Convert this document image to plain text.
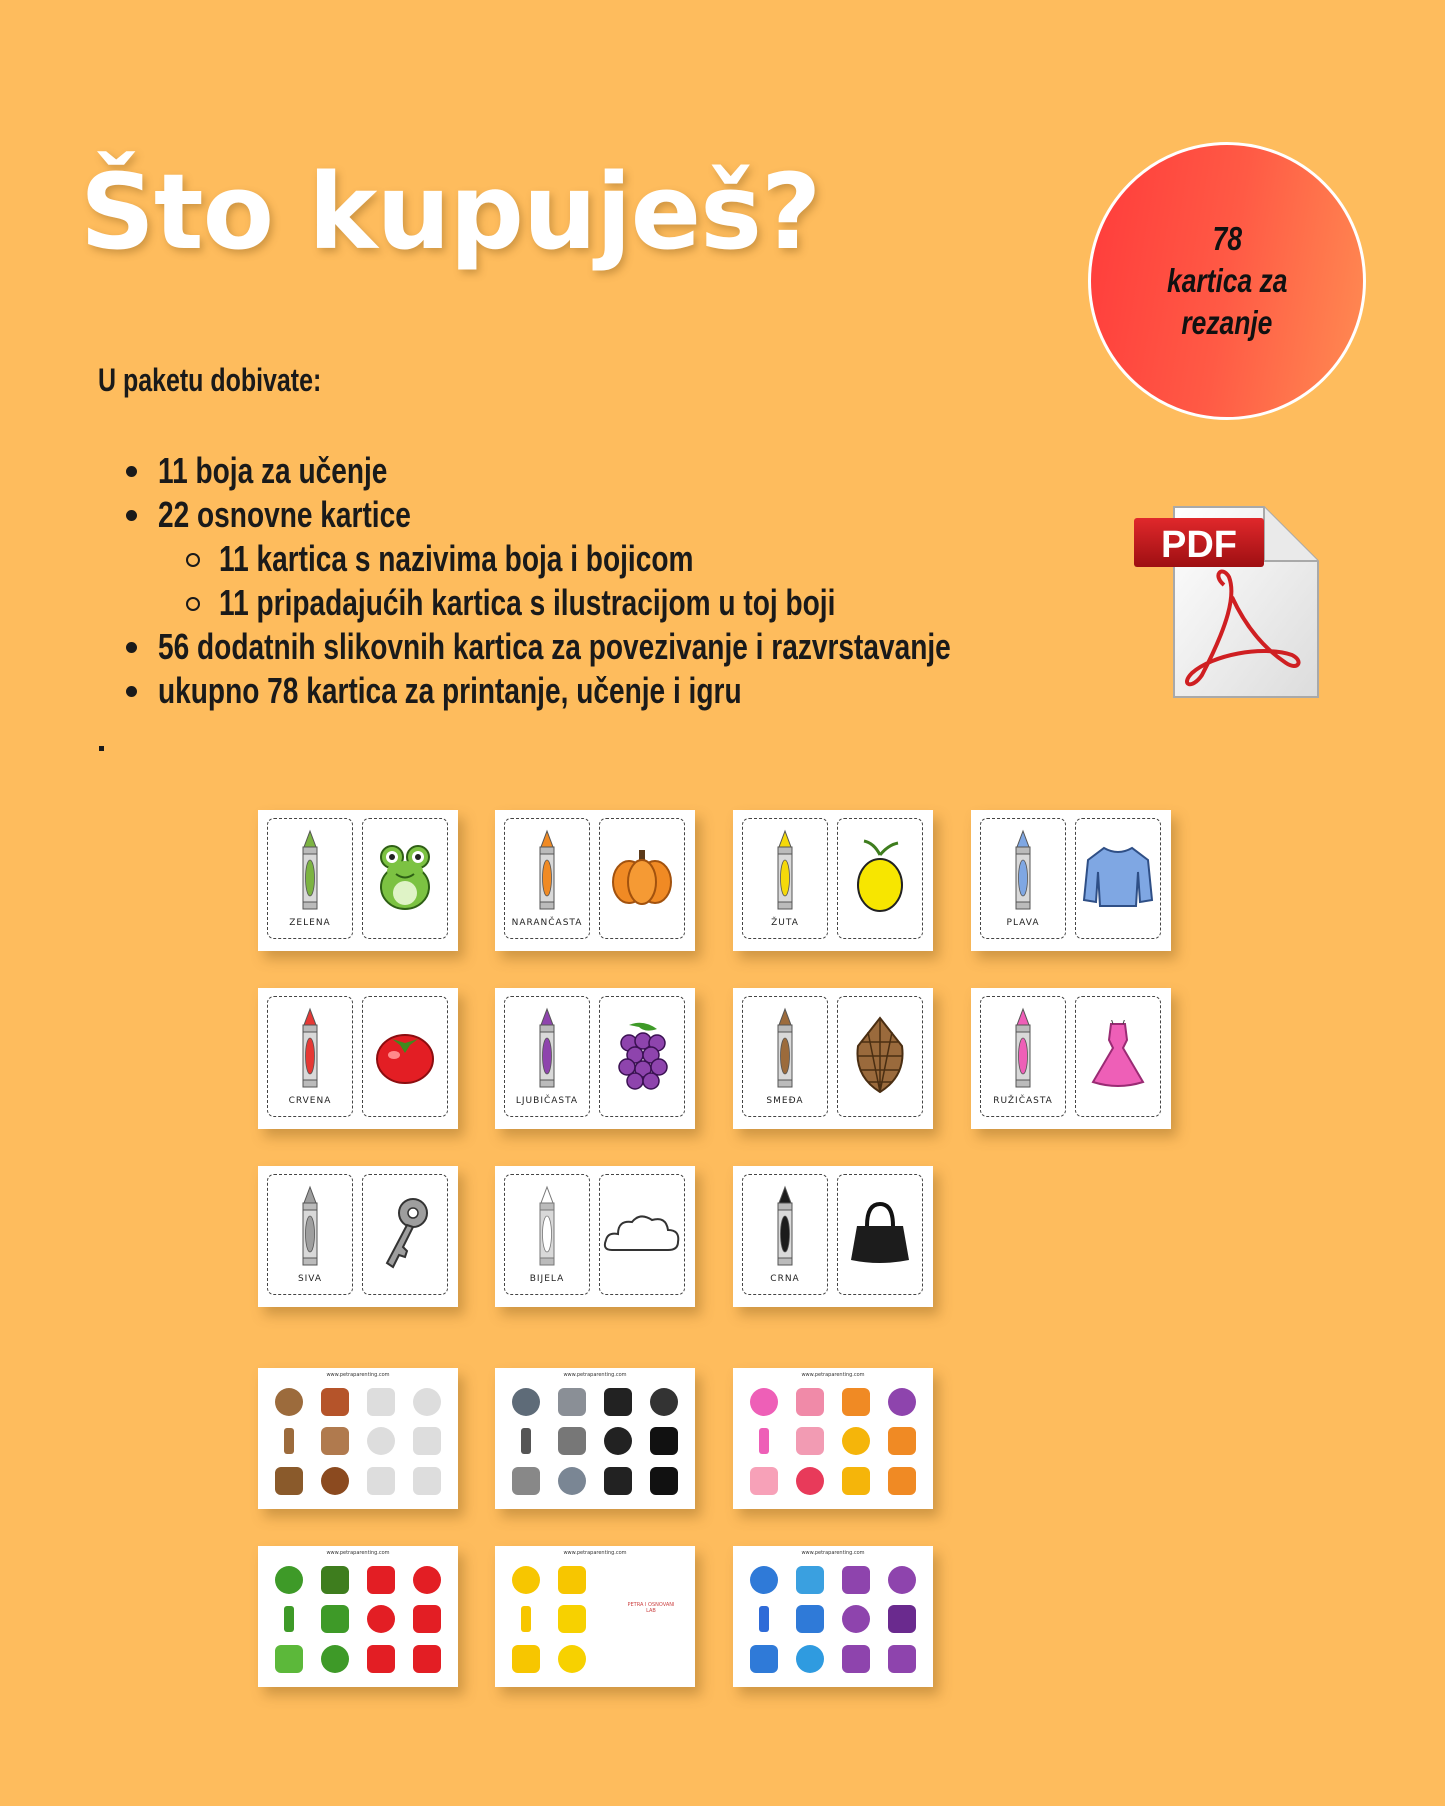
Što kupuješ?	78
kartica za
rezanje
U paketu dobivate:
11 boja za učenje
22 osnovne kartice
11 kartica s nazivima boja i bojicom
11 pripadajućih kartica s ilustracijom u toj boji
56 dodatnih slikovnih kartica za povezivanje i razvrstavanje
ukupno 78 kartica za printanje, učenje i igru
PDF
ZELENA	NARANČASTA	ŽUTA	PLAVA
CRVENA	LJUBIČASTA	SMEĐA	RUŽIČASTA
SIVA	BIJELA	CRNA
www.petraparenting.com	www.petraparenting.com	www.petraparenting.com
www.petraparenting.com	www.petraparenting.com
PETRA I OSNOVANI LAB
www.petraparenting.com
